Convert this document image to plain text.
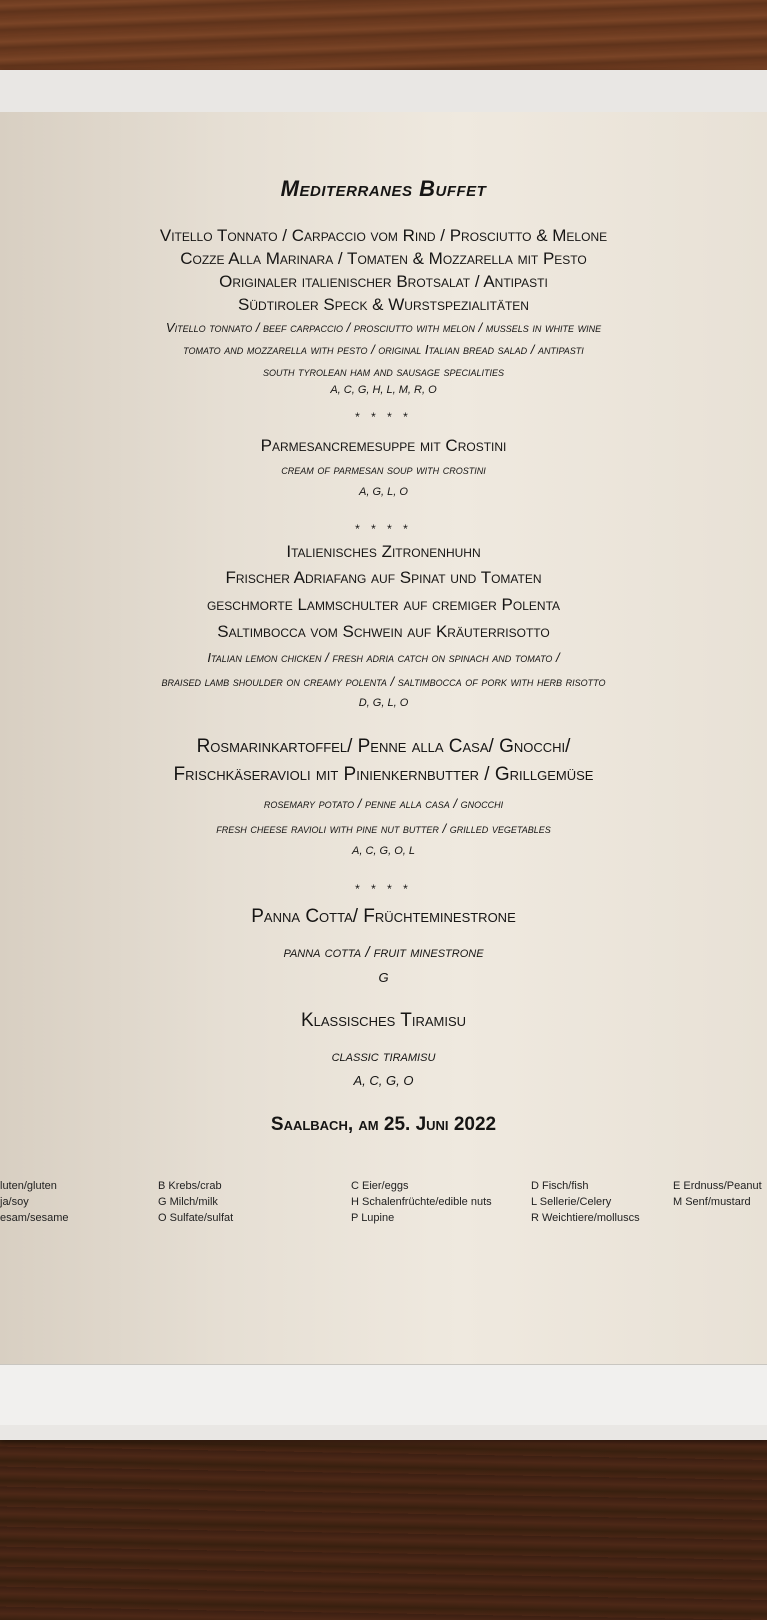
Mediterranes Buffet
Vitello Tonnato / Carpaccio vom Rind / Prosciutto & Melone
Cozze Alla Marinara / Tomaten & Mozzarella mit Pesto
Originaler italienischer Brotsalat / Antipasti
Südtiroler Speck & Wurstspezialitäten
Vitello tonnato / beef carpaccio / prosciutto with melon / mussels in white wine
tomato and mozzarella with pesto / original Italian bread salad / antipasti
south tyrolean ham and sausage specialities
A, C, G, H, L, M, R, O
* * * *
Parmesancremesuppe mit Crostini
cream of parmesan soup with crostini
A, G, L, O
* * * *
Italienisches Zitronenhuhn
Frischer Adriafang auf Spinat und Tomaten
geschmorte Lammschulter auf cremiger Polenta
Saltimbocca vom Schwein auf Kräuterrisotto
Italian lemon chicken / fresh adria catch on spinach and tomato /
braised lamb shoulder on creamy polenta / saltimbocca of pork with herb risotto
D, G, L, O
Rosmarinkartoffel/ Penne alla Casa/ Gnocchi/
Frischkäseravioli mit Pinienkernbutter / Grillgemüse
rosemary potato / penne alla casa / gnocchi
fresh cheese ravioli with pine nut butter / grilled vegetables
A, C, G, O, L
* * * *
Panna Cotta/ Früchteminestrone
panna cotta / fruit minestrone
G
Klassisches Tiramisu
classic tiramisu
A, C, G, O
Saalbach, am 25. Juni 2022
luten/gluten
ja/soy
esam/sesame
B Krebs/crab
G Milch/milk
O Sulfate/sulfat
C Eier/eggs
H Schalenfrüchte/edible nuts
P Lupine
D Fisch/fish
L Sellerie/Celery
R Weichtiere/molluscs
E Erdnuss/Peanut
M Senf/mustard
